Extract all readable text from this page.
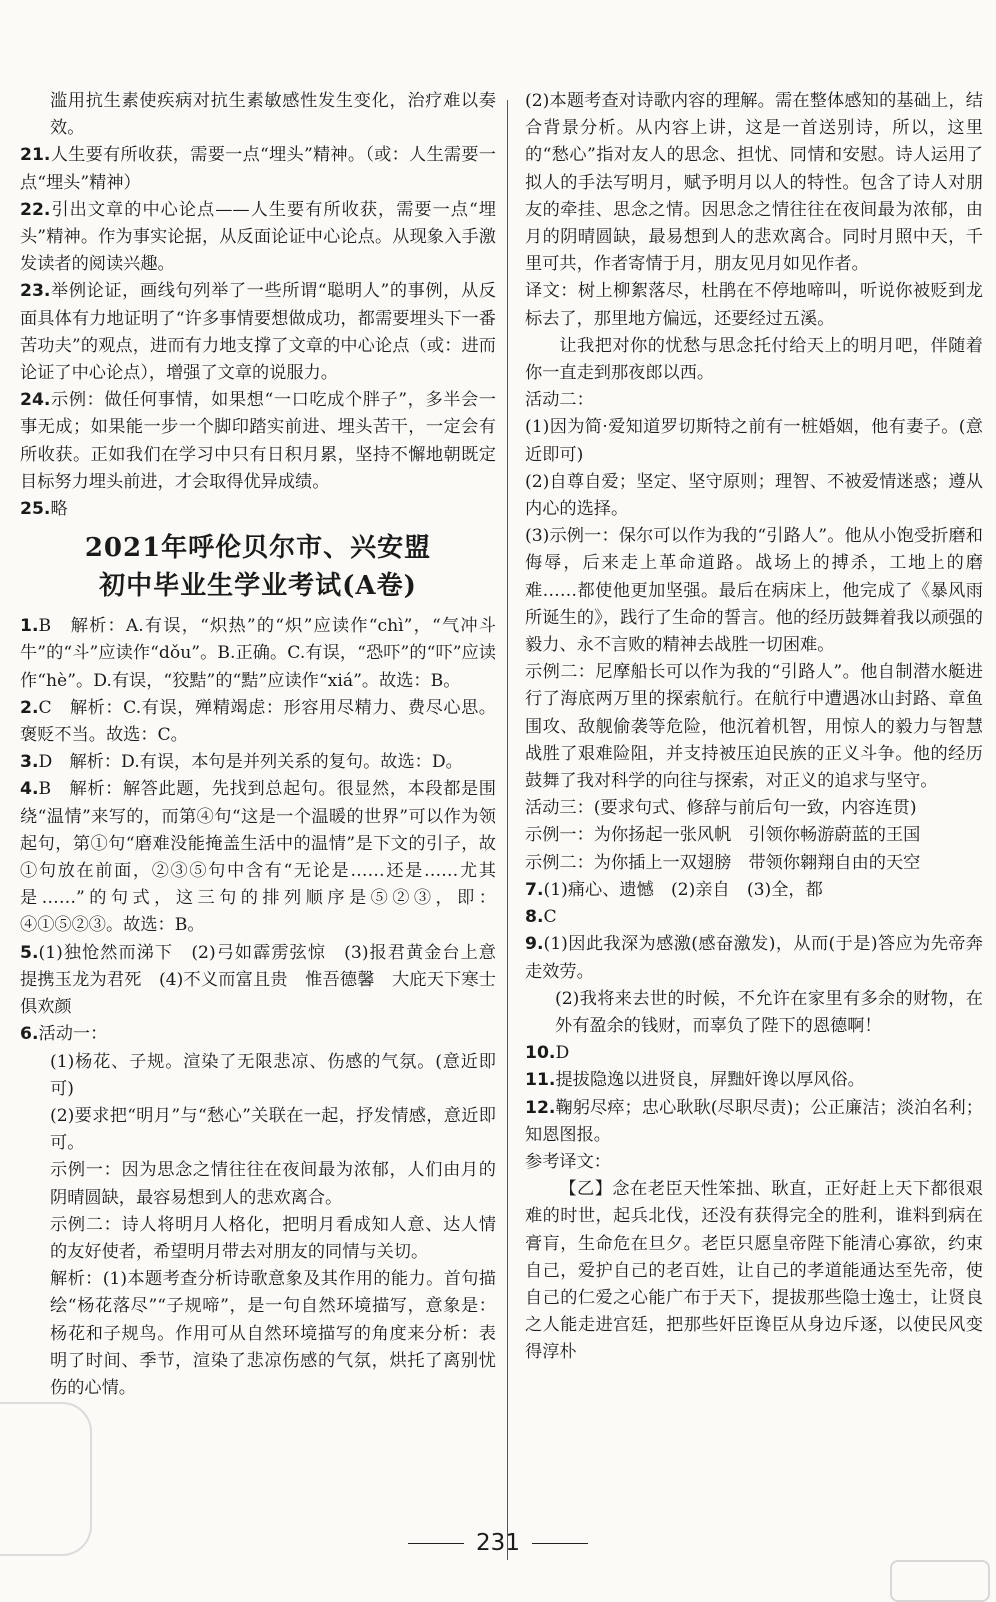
滥用抗生素使疾病对抗生素敏感性发生变化，治疗难以奏效。

21.人生要有所收获，需要一点“埋头”精神。（或：人生需要一点“埋头”精神）

22.引出文章的中心论点——人生要有所收获，需要一点“埋头”精神。作为事实论据，从反面论证中心论点。从现象入手激发读者的阅读兴趣。

23.举例论证，画线句列举了一些所谓“聪明人”的事例，从反面具体有力地证明了“许多事情要想做成功，都需要埋头下一番苦功夫”的观点，进而有力地支撑了文章的中心论点（或：进而论证了中心论点），增强了文章的说服力。

24.示例：做任何事情，如果想“一口吃成个胖子”，多半会一事无成；如果能一步一个脚印踏实前进、埋头苦干，一定会有所收获。正如我们在学习中只有日积月累，坚持不懈地朝既定目标努力埋头前进，才会取得优异成绩。

25.略

2021年呼伦贝尔市、兴安盟
初中毕业生学业考试(A卷)

1.B　解析：A.有误，“炽热”的“炽”应读作“chì”，“气冲斗牛”的“斗”应读作“dǒu”。B.正确。C.有误，“恐吓”的“吓”应读作“hè”。D.有误，“狡黠”的“黠”应读作“xiá”。故选：B。

2.C　解析：C.有误，殚精竭虑：形容用尽精力、费尽心思。褒贬不当。故选：C。

3.D　解析：D.有误，本句是并列关系的复句。故选：D。

4.B　解析：解答此题，先找到总起句。很显然，本段都是围绕“温情”来写的，而第④句“这是一个温暖的世界”可以作为领起句，第①句“磨难没能掩盖生活中的温情”是下文的引子，故①句放在前面，②③⑤句中含有“无论是……还是……尤其是……”的句式，这三句的排列顺序是⑤②③，即：④①⑤②③。故选：B。

5.(1)独怆然而涕下　(2)弓如霹雳弦惊　(3)报君黄金台上意　提携玉龙为君死　(4)不义而富且贵　惟吾德馨　大庇天下寒士俱欢颜

6.活动一：

(1)杨花、子规。渲染了无限悲凉、伤感的气氛。(意近即可)

(2)要求把“明月”与“愁心”关联在一起，抒发情感，意近即可。

示例一：因为思念之情往往在夜间最为浓郁，人们由月的阴晴圆缺，最容易想到人的悲欢离合。

示例二：诗人将明月人格化，把明月看成知人意、达人情的友好使者，希望明月带去对朋友的同情与关切。

解析：(1)本题考查分析诗歌意象及其作用的能力。首句描绘“杨花落尽”“子规啼”，是一句自然环境描写，意象是：杨花和子规鸟。作用可从自然环境描写的角度来分析：表明了时间、季节，渲染了悲凉伤感的气氛，烘托了离别忧伤的心情。

(2)本题考查对诗歌内容的理解。需在整体感知的基础上，结合背景分析。从内容上讲，这是一首送别诗，所以，这里的“愁心”指对友人的思念、担忧、同情和安慰。诗人运用了拟人的手法写明月，赋予明月以人的特性。包含了诗人对朋友的牵挂、思念之情。因思念之情往往在夜间最为浓郁，由月的阴晴圆缺，最易想到人的悲欢离合。同时月照中天，千里可共，作者寄情于月，朋友见月如见作者。

译文：树上柳絮落尽，杜鹃在不停地啼叫，听说你被贬到龙标去了，那里地方偏远，还要经过五溪。

让我把对你的忧愁与思念托付给天上的明月吧，伴随着你一直走到那夜郎以西。

活动二：

(1)因为简·爱知道罗切斯特之前有一桩婚姻，他有妻子。(意近即可)

(2)自尊自爱；坚定、坚守原则；理智、不被爱情迷惑；遵从内心的选择。

(3)示例一：保尔可以作为我的“引路人”。他从小饱受折磨和侮辱，后来走上革命道路。战场上的搏杀，工地上的磨难……都使他更加坚强。最后在病床上，他完成了《暴风雨所诞生的》，践行了生命的誓言。他的经历鼓舞着我以顽强的毅力、永不言败的精神去战胜一切困难。

示例二：尼摩船长可以作为我的“引路人”。他自制潜水艇进行了海底两万里的探索航行。在航行中遭遇冰山封路、章鱼围攻、敌舰偷袭等危险，他沉着机智，用惊人的毅力与智慧战胜了艰难险阻，并支持被压迫民族的正义斗争。他的经历鼓舞了我对科学的向往与探索，对正义的追求与坚守。

活动三：(要求句式、修辞与前后句一致，内容连贯)

示例一：为你扬起一张风帆　引领你畅游蔚蓝的王国

示例二：为你插上一双翅膀　带领你翱翔自由的天空

7.(1)痛心、遗憾　(2)亲自　(3)全，都

8.C

9.(1)因此我深为感激(感奋激发)，从而(于是)答应为先帝奔走效劳。

(2)我将来去世的时候，不允许在家里有多余的财物，在外有盈余的钱财，而辜负了陛下的恩德啊！

10.D

11.提拔隐逸以进贤良，屏黜奸谗以厚风俗。

12.鞠躬尽瘁；忠心耿耿(尽职尽责)；公正廉洁；淡泊名利；知恩图报。

参考译文：

【乙】念在老臣天性笨拙、耿直，正好赶上天下都很艰难的时世，起兵北伐，还没有获得完全的胜利，谁料到病在膏肓，生命危在旦夕。老臣只愿皇帝陛下能清心寡欲，约束自己，爱护自己的老百姓，让自己的孝道能通达至先帝，使自己的仁爱之心能广布于天下，提拔那些隐士逸士，让贤良之人能走进宫廷，把那些奸臣谗臣从身边斥逐，以使民风变得淳朴

231
